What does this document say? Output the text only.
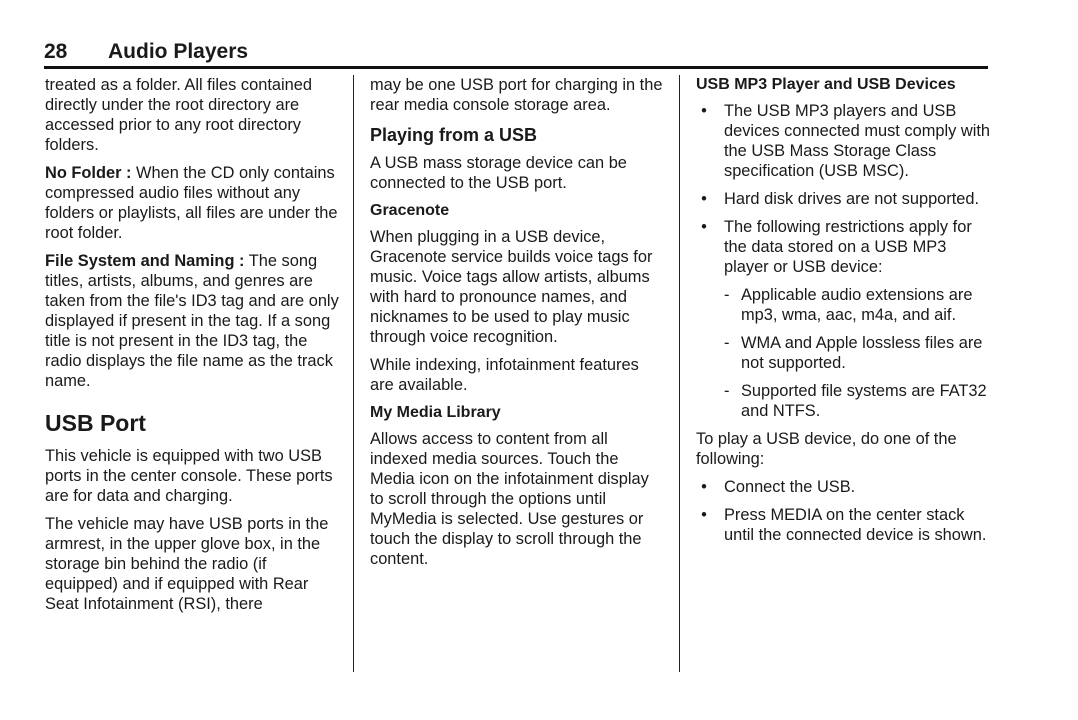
28 Audio Players

treated as a folder. All files contained directly under the root directory are accessed prior to any root directory folders.

No Folder : When the CD only contains compressed audio files without any folders or playlists, all files are under the root folder.

File System and Naming : The song titles, artists, albums, and genres are taken from the file's ID3 tag and are only displayed if present in the tag. If a song title is not present in the ID3 tag, the radio displays the file name as the track name.

USB Port

This vehicle is equipped with two USB ports in the center console. These ports are for data and charging.

The vehicle may have USB ports in the armrest, in the upper glove box, in the storage bin behind the radio (if equipped) and if equipped with Rear Seat Infotainment (RSI), there

may be one USB port for charging in the rear media console storage area.

Playing from a USB

A USB mass storage device can be connected to the USB port.

Gracenote

When plugging in a USB device, Gracenote service builds voice tags for music. Voice tags allow artists, albums with hard to pronounce names, and nicknames to be used to play music through voice recognition.

While indexing, infotainment features are available.

My Media Library

Allows access to content from all indexed media sources. Touch the Media icon on the infotainment display to scroll through the options until MyMedia is selected. Use gestures or touch the display to scroll through the content.

USB MP3 Player and USB Devices
•	The USB MP3 players and USB devices connected must comply with the USB Mass Storage Class specification (USB MSC).
•	Hard disk drives are not supported.
•	The following restrictions apply for the data stored on a USB MP3 player or USB device:
- Applicable audio extensions are mp3, wma, aac, m4a, and aif.
- WMA and Apple lossless files are not supported.
- Supported file systems are FAT32 and NTFS.

To play a USB device, do one of the following:

•	Connect the USB.
•	Press MEDIA on the center stack until the connected device is shown.
